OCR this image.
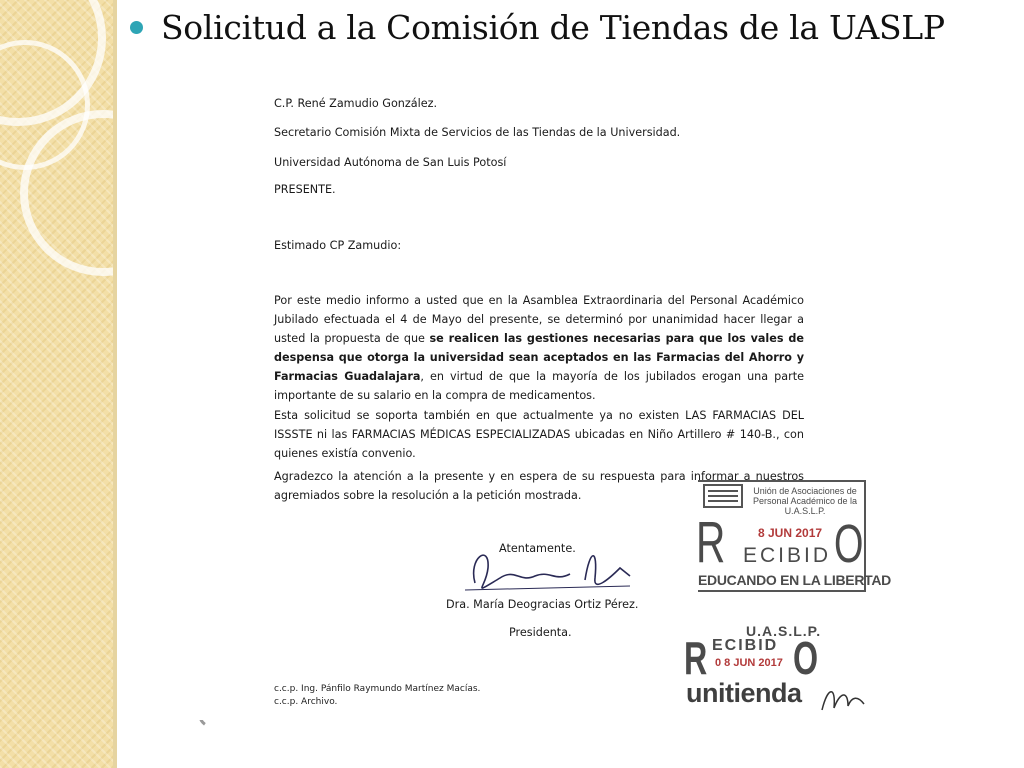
Solicitud a la Comisión de Tiendas de la UASLP
C.P. René Zamudio González.
Secretario Comisión Mixta de Servicios de las Tiendas de la Universidad.
Universidad Autónoma de San Luis Potosí
PRESENTE.
Estimado CP Zamudio:

Por este medio informo a usted que en la Asamblea Extraordinaria del Personal Académico Jubilado efectuada el 4 de Mayo del presente, se determinó por unanimidad hacer llegar a usted la propuesta de que se realicen las gestiones necesarias para que los vales de despensa que otorga la universidad sean aceptados en las Farmacias del Ahorro y Farmacias Guadalajara, en virtud de que la mayoría de los jubilados erogan una parte importante de su salario en la compra de medicamentos.

Esta solicitud se soporta también en que actualmente ya no existen LAS FARMACIAS DEL ISSSTE ni las FARMACIAS MÉDICAS ESPECIALIZADAS ubicadas en Niño Artillero # 140-B., con quienes existía convenio.

Agradezco la atención a la presente y en espera de su respuesta para informar a nuestros agremiados sobre la resolución a la petición mostrada.

Atentamente.
Dra. María Deogracias Ortiz Pérez.
Presidenta.
c.c.p. Ing. Pánfilo Raymundo Martínez Macías.
c.c.p. Archivo.
Unión de Asociaciones de
Personal Académico de la
U.A.S.L.P.
8 JUN 2017
R ECIBID O
EDUCANDO EN LA LIBERTAD
U.A.S.L.P.
R ECIBID O
0 8 JUN 2017
unitienda
